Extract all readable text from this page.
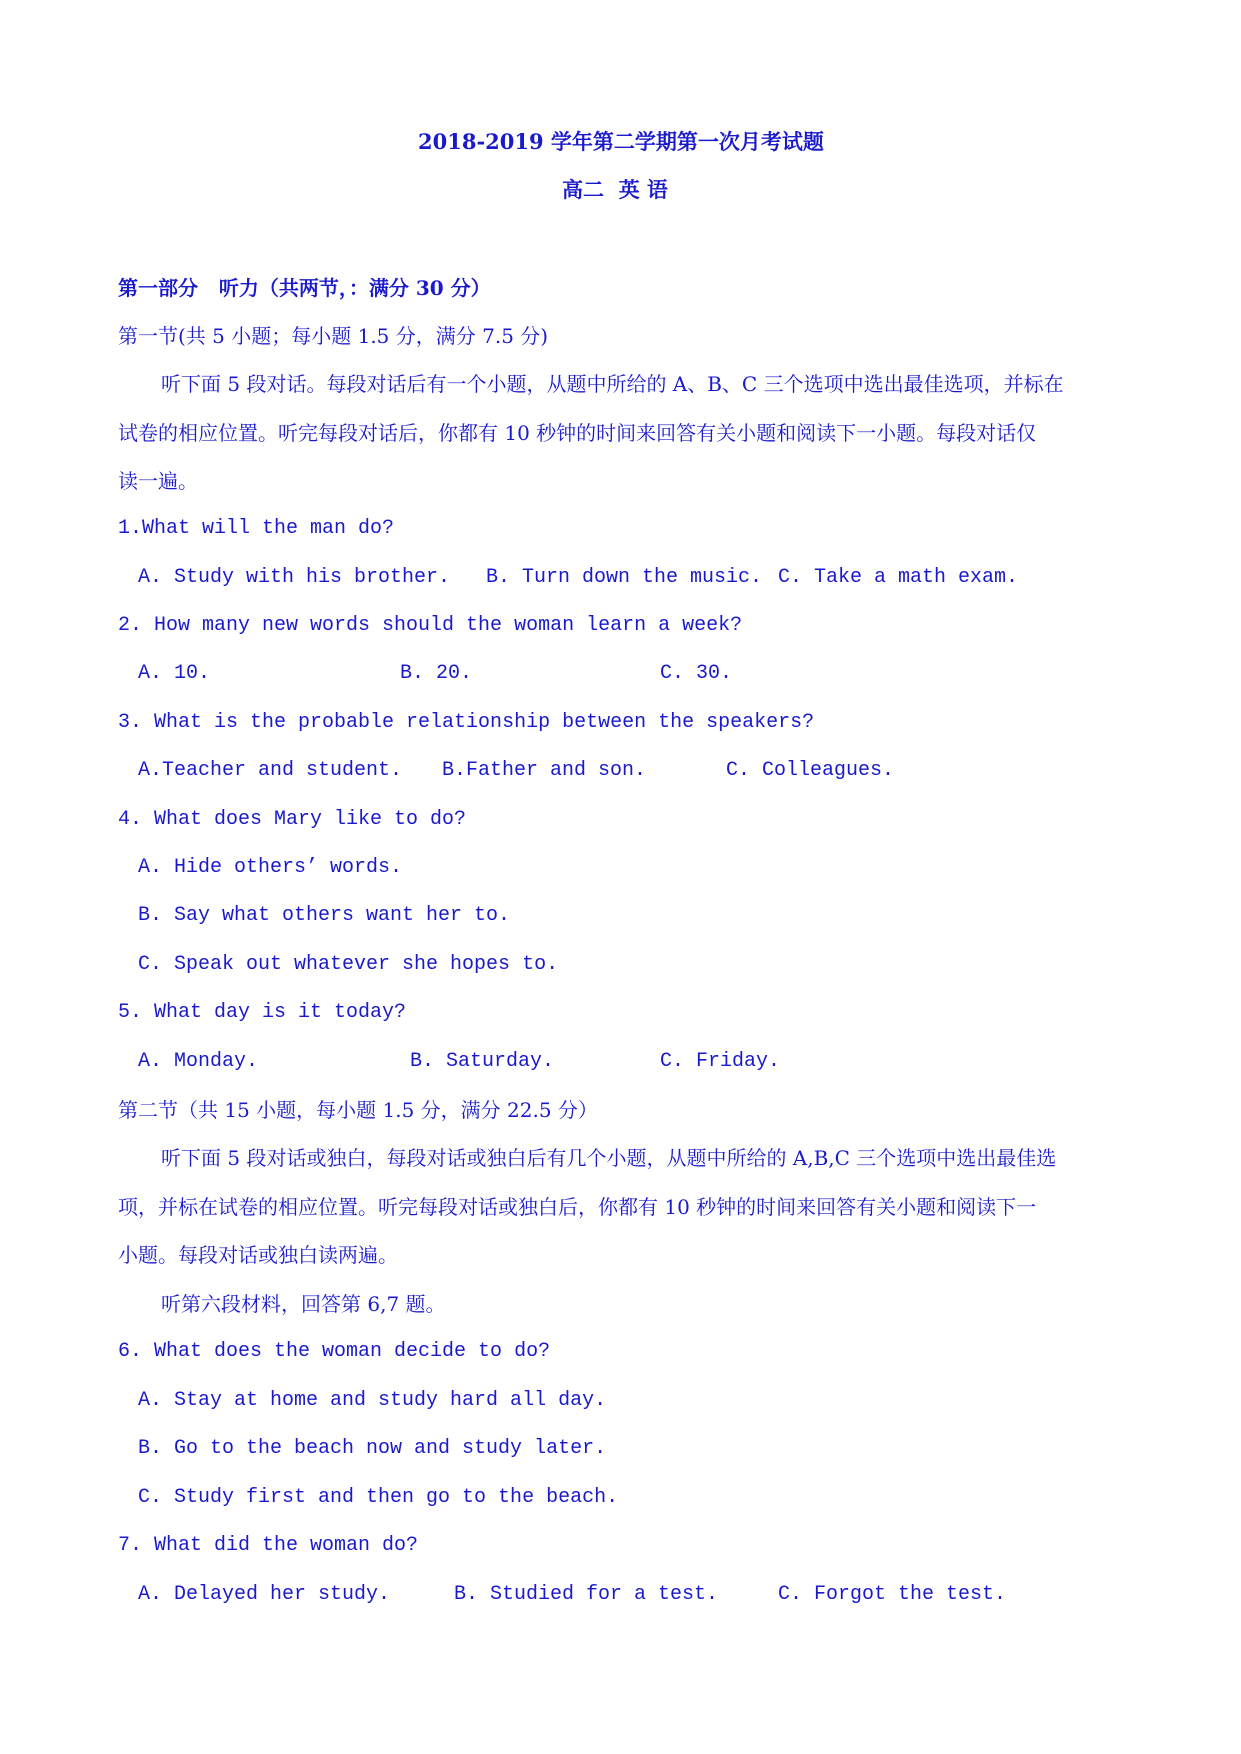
2018-2019 学年第二学期第一次月考试题
高二  英 语
第一部分   听力（共两节，：满分 30 分）
第一节(共 5 小题；每小题 1.5 分，满分 7.5 分)
听下面 5 段对话。每段对话后有一个小题，从题中所给的 A、B、C 三个选项中选出最佳选项，并标在
试卷的相应位置。听完每段对话后，你都有 10 秒钟的时间来回答有关小题和阅读下一小题。每段对话仅
读一遍。
1.What will the man do?
A. Study with his brother. B. Turn down the music. C. Take a math exam.
2. How many new words should the woman learn a week?
A. 10.	B. 20.	C. 30.
3. What is the probable relationship between the speakers?
A.Teacher and student. B.Father and son.	C. Colleagues.
4. What does Mary like to do?
A. Hide others’ words.
B. Say what others want her to.
C. Speak out whatever she hopes to.
5. What day is it today?
A. Monday.	B. Saturday.	C. Friday.
第二节（共 15 小题，每小题 1.5 分，满分 22.5 分）
听下面 5 段对话或独白，每段对话或独白后有几个小题，从题中所给的 A,B,C 三个选项中选出最佳选
项，并标在试卷的相应位置。听完每段对话或独白后，你都有 10 秒钟的时间来回答有关小题和阅读下一
小题。每段对话或独白读两遍。
听第六段材料，回答第 6,7 题。
6. What does the woman decide to do?
A. Stay at home and study hard all day.
B. Go to the beach now and study later.
C. Study first and then go to the beach.
7. What did the woman do?
A. Delayed her study.	B. Studied for a test.	C. Forgot the test.
